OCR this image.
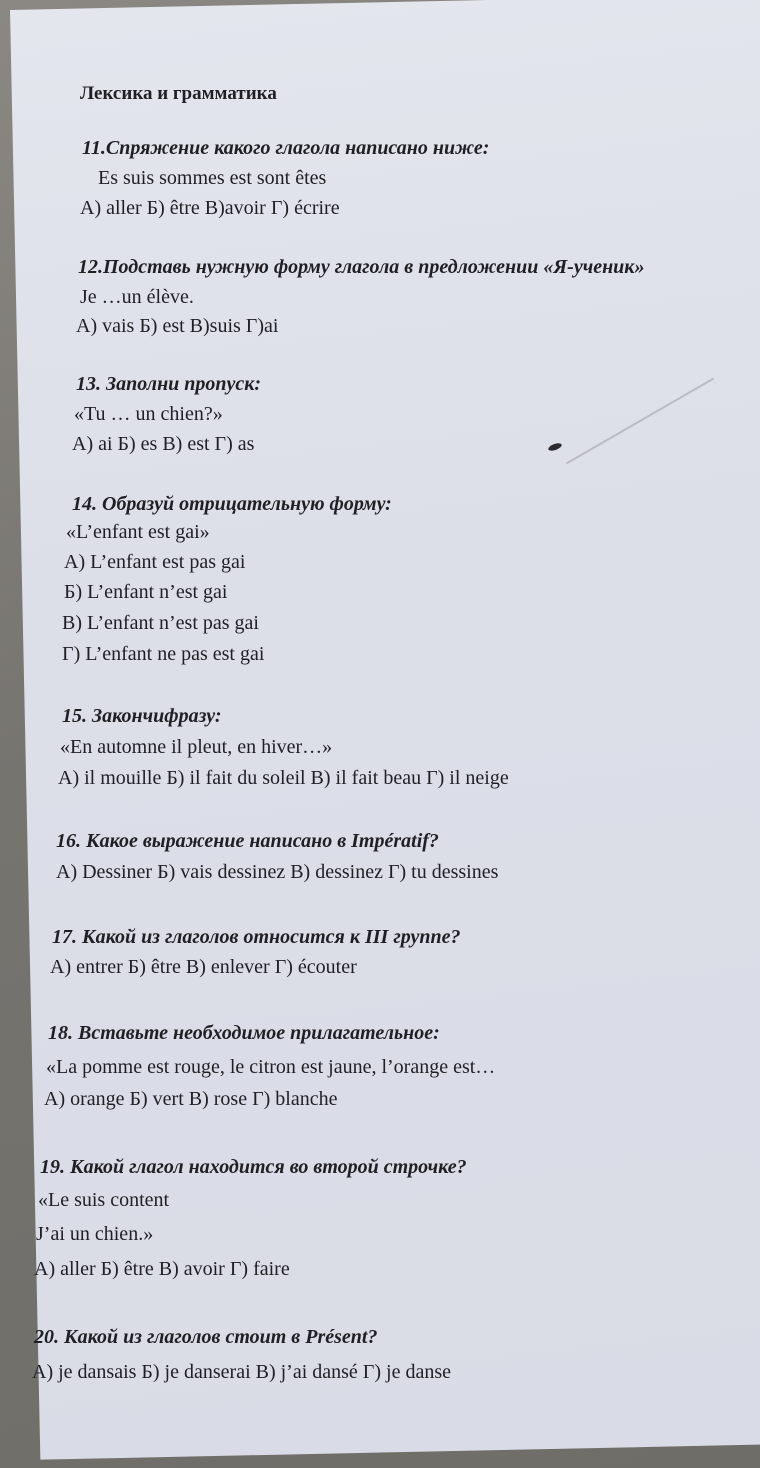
Лексика и грамматика
11.Спряжение какого глагола написано ниже:
Es suis sommes est sont êtes
А) aller Б) être В)avoir Г) écrire
12.Подставь нужную форму глагола в предложении «Я-ученик»
Je …un élève.
А) vais Б) est В)suis Г)ai
13. Заполни пропуск:
«Tu … un chien?»
А) ai Б) es В) est Г) as
14. Образуй отрицательную форму:
«L’enfant est gai»
А) L’enfant est pas gai
Б) L’enfant n’est gai
В) L’enfant n’est pas gai
Г) L’enfant ne pas est gai
15. Закончифразу:
«En automne il pleut, en hiver…»
А) il mouille Б) il fait du soleil В) il fait beau Г) il neige
16. Какое выражение написано в Impératif?
А) Dessiner Б) vais dessinez В) dessinez Г) tu dessines
17. Какой из глаголов относится к III группе?
А) entrer Б) être В) enlever Г) écouter
18. Вставьте необходимое прилагательное:
«La pomme est rouge, le citron est jaune, l’orange est…
А) orange Б) vert В) rose Г) blanche
19. Какой глагол находится во второй строчке?
«Le suis content
J’ai un chien.»
А) aller Б) être В) avoir Г) faire
20. Какой из глаголов стоит в Présent?
А) je dansais Б) je danserai В) j’ai dansé Г) je danse
